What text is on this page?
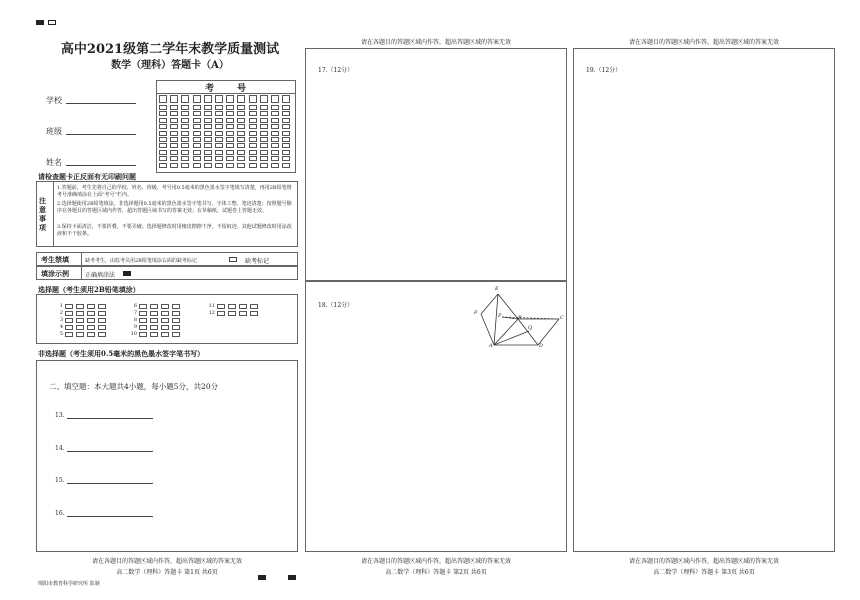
高中2021级第二学年末教学质量测试
数学（理科）答题卡（A）
学校
班级
姓名
考	号
请检查题卡正反面有无印刷问题
注意事项
1.答题前，考生先将自己的学校、姓名、班级、考号用0.5毫米的黑色墨水签字笔填写清楚，再用2B铅笔将考号准确填涂在上面“考号”栏内。
2.选择题使用2B铅笔填涂，非选择题用0.5毫米的黑色墨水签字笔书写，字体工整、笔迹清楚；按照题号顺序在各题目的答题区域内作答，超出答题区域书写的答案无效；在草稿纸、试题卷上答题无效。
3.保持卡面清洁，不要折叠，不要弄破；选择题修改时用橡皮擦擦干净，不留痕迹，其他试题修改时用涂改液和不干胶条。
考生禁填	缺考考生，由监考员用2B铅笔填涂右面的缺考标记	缺考标记
填涂示例	正确填涂法
选择题（考生须用2B铅笔填涂）
1
2
3
4
5
6
7
8
9
10
11
12
非选择题（考生须用0.5毫米的黑色墨水签字笔书写）
二、填空题：本大题共4小题，每小题5分，共20分
13.
14.
15.
16.
请在各题目的答题区域内作答，超出答题区域的答案无效
高二数学（理科）答题卡 第1页 共6页
绵阳市教育科学研究所 监制
请在各题目的答题区域内作答，超出答题区域的答案无效
17.（12分）
18.（12分）
E
F	P	B	C
Q
A	D
请在各题目的答题区域内作答，超出答题区域的答案无效
高二数学（理科）答题卡 第2页 共6页
请在各题目的答题区域内作答，超出答题区域的答案无效
19.（12分）
请在各题目的答题区域内作答，超出答题区域的答案无效
高二数学（理科）答题卡 第3页 共6页
